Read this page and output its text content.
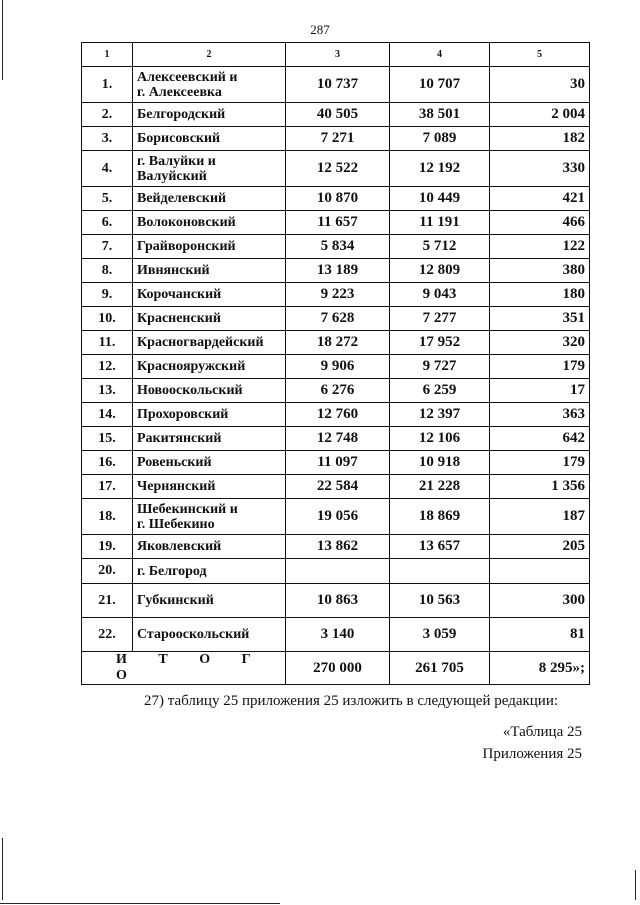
287
1	2	3	4	5
1.	Алексеевский и
г. Алексеевка	10 737	10 707	30
2.	Белгородский	40 505	38 501	2 004
3.	Борисовский	7 271	7 089	182
4.	г. Валуйки и
Валуйский	12 522	12 192	330
5.	Вейделевский	10 870	10 449	421
6.	Волоконовский	11 657	11 191	466
7.	Грайворонский	5 834	5 712	122
8.	Ивнянский	13 189	12 809	380
9.	Корочанский	9 223	9 043	180
10.	Красненский	7 628	7 277	351
11.	Красногвардейский	18 272	17 952	320
12.	Краснояружский	9 906	9 727	179
13.	Новооскольский	6 276	6 259	17
14.	Прохоровский	12 760	12 397	363
15.	Ракитянский	12 748	12 106	642
16.	Ровеньский	11 097	10 918	179
17.	Чернянский	22 584	21 228	1 356
18.	Шебекинский и
г. Шебекино	19 056	18 869	187
19.	Яковлевский	13 862	13 657	205
20.	г. Белгород			

21.	Губкинский	10 863	10 563	300
22.	Старооскольский	3 140	3 059	81
И Т О Г О		270 000	261 705	8 295»;
27) таблицу 25 приложения 25 изложить в следующей редакции:
«Таблица 25
Приложения 25
